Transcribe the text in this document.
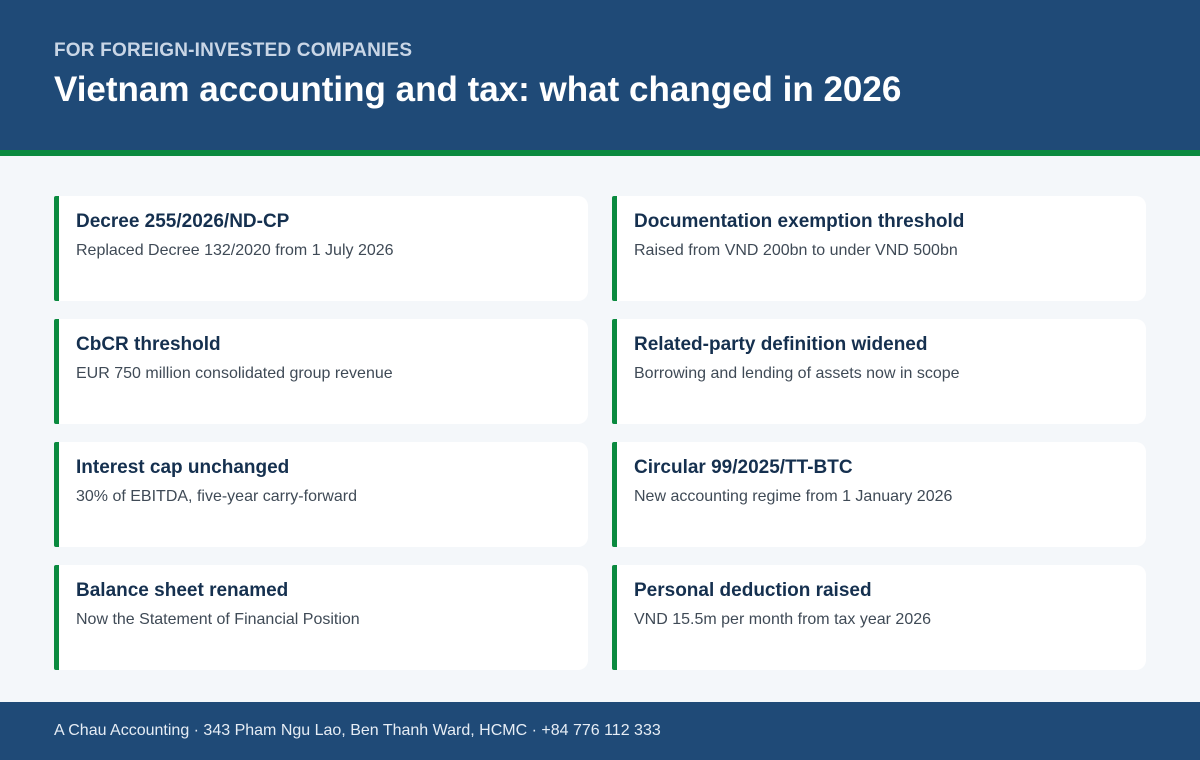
FOR FOREIGN-INVESTED COMPANIES
Vietnam accounting and tax: what changed in 2026
Decree 255/2026/ND-CP
Replaced Decree 132/2020 from 1 July 2026
Documentation exemption threshold
Raised from VND 200bn to under VND 500bn
CbCR threshold
EUR 750 million consolidated group revenue
Related-party definition widened
Borrowing and lending of assets now in scope
Interest cap unchanged
30% of EBITDA, five-year carry-forward
Circular 99/2025/TT-BTC
New accounting regime from 1 January 2026
Balance sheet renamed
Now the Statement of Financial Position
Personal deduction raised
VND 15.5m per month from tax year 2026
A Chau Accounting · 343 Pham Ngu Lao, Ben Thanh Ward, HCMC · +84 776 112 333
